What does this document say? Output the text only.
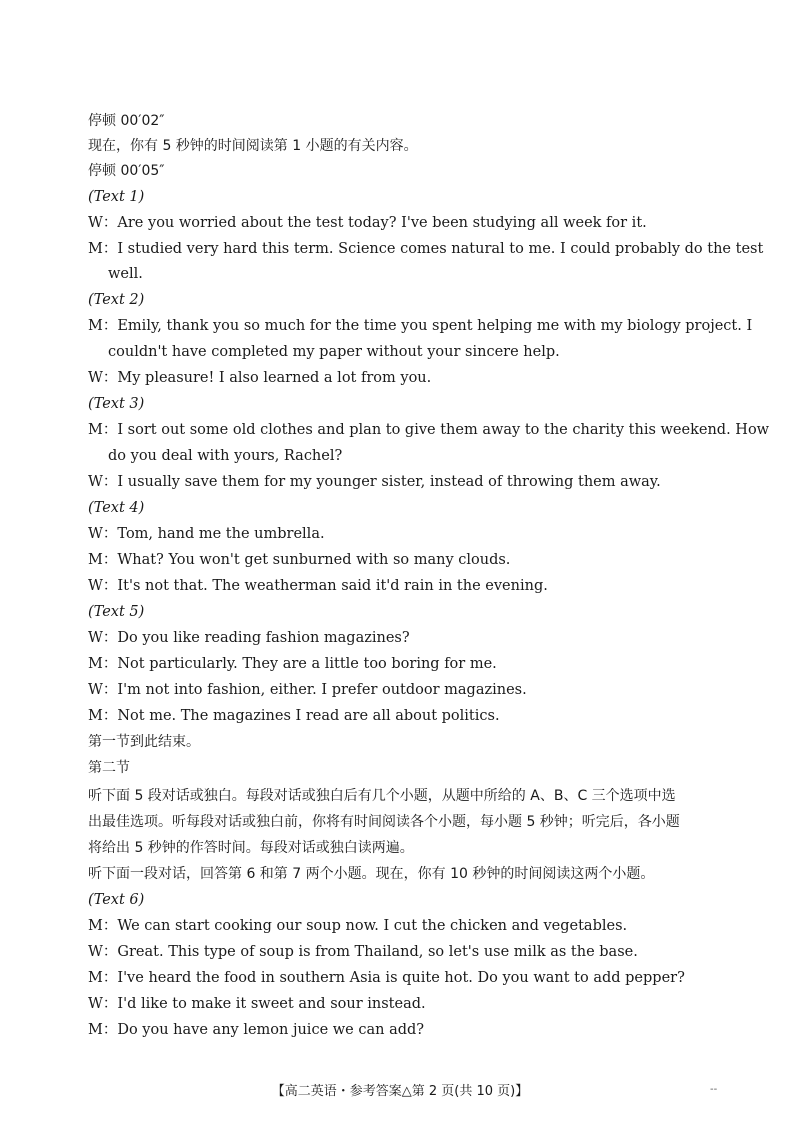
【高二英语・参考答案△第 2 页(共 10 页)】	--
停顿 00′02″
现在，你有 5 秒钟的时间阅读第 1 小题的有关内容。
停顿 00′05″
(Text 1)
W：Are you worried about the test today? I've been studying all week for it.
M：I studied very hard this term. Science comes natural to me. I could probably do the test
well.
(Text 2)
M：Emily, thank you so much for the time you spent helping me with my biology project. I
couldn't have completed my paper without your sincere help.
W：My pleasure! I also learned a lot from you.
(Text 3)
M：I sort out some old clothes and plan to give them away to the charity this weekend. How
do you deal with yours, Rachel?
W：I usually save them for my younger sister, instead of throwing them away.
(Text 4)
W：Tom, hand me the umbrella.
M：What? You won't get sunburned with so many clouds.
W：It's not that. The weatherman said it'd rain in the evening.
(Text 5)
W：Do you like reading fashion magazines?
M：Not particularly. They are a little too boring for me.
W：I'm not into fashion, either. I prefer outdoor magazines.
M：Not me. The magazines I read are all about politics.
第一节到此结束。
第二节
听下面 5 段对话或独白。每段对话或独白后有几个小题，从题中所给的 A、B、C 三个选项中选
出最佳选项。听每段对话或独白前，你将有时间阅读各个小题，每小题 5 秒钟；听完后，各小题
将给出 5 秒钟的作答时间。每段对话或独白读两遍。
听下面一段对话，回答第 6 和第 7 两个小题。现在，你有 10 秒钟的时间阅读这两个小题。
(Text 6)
M：We can start cooking our soup now. I cut the chicken and vegetables.
W：Great. This type of soup is from Thailand, so let's use milk as the base.
M：I've heard the food in southern Asia is quite hot. Do you want to add pepper?
W：I'd like to make it sweet and sour instead.
M：Do you have any lemon juice we can add?
